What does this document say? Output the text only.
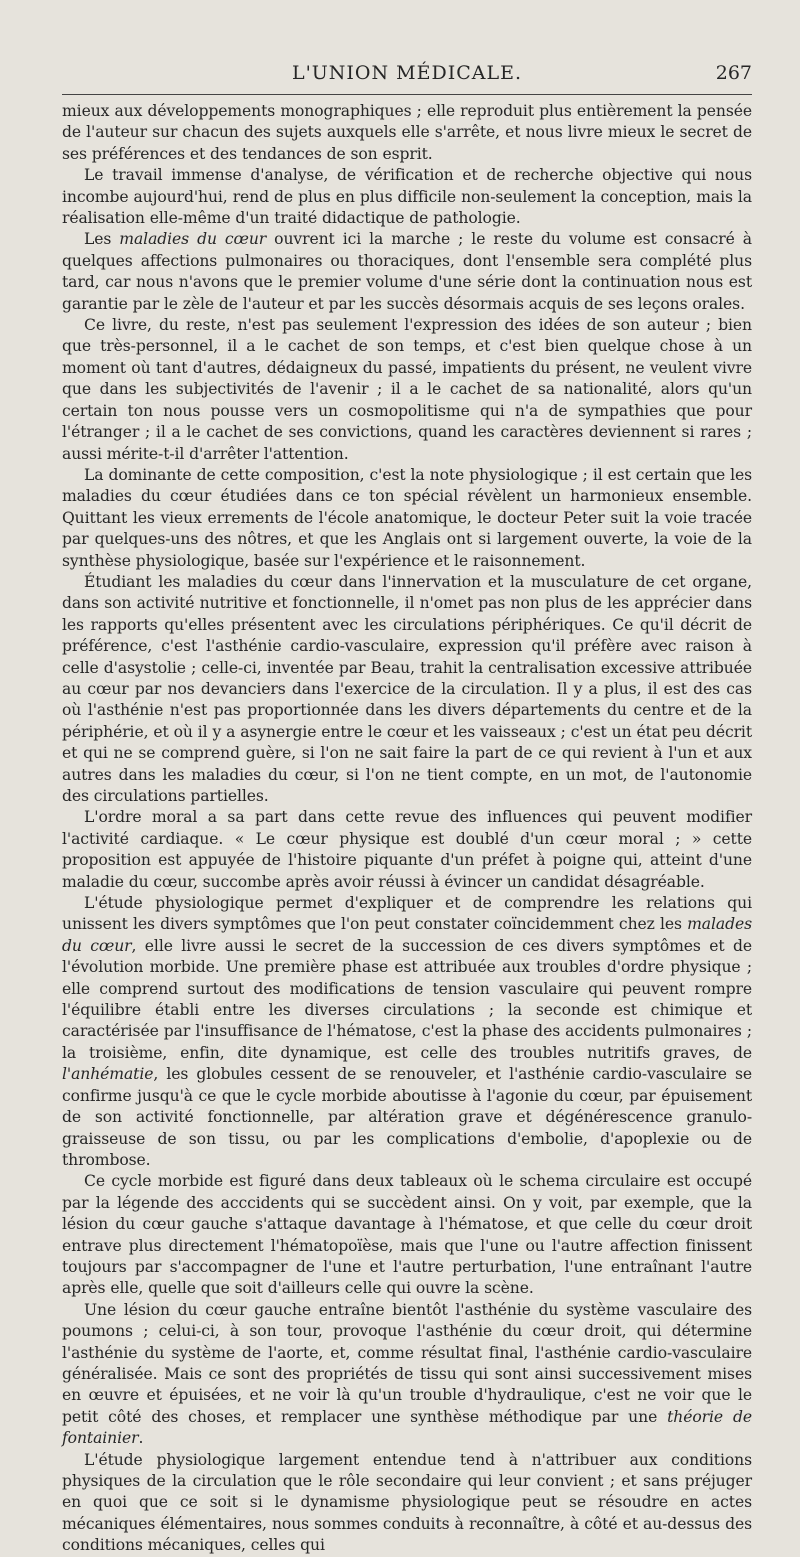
L'UNION MÉDICALE.	267

mieux aux développements monographiques ; elle reproduit plus entièrement la pensée de l'auteur sur chacun des sujets auxquels elle s'arrête, et nous livre mieux le secret de ses préférences et des tendances de son esprit.

Le travail immense d'analyse, de vérification et de recherche objective qui nous incombe aujourd'hui, rend de plus en plus difficile non-seulement la conception, mais la réalisation elle-même d'un traité didactique de pathologie.

Les maladies du cœur ouvrent ici la marche ; le reste du volume est consacré à quelques affections pulmonaires ou thoraciques, dont l'ensemble sera complété plus tard, car nous n'avons que le premier volume d'une série dont la continuation nous est garantie par le zèle de l'auteur et par les succès désormais acquis de ses leçons orales.

Ce livre, du reste, n'est pas seulement l'expression des idées de son auteur ; bien que très-personnel, il a le cachet de son temps, et c'est bien quelque chose à un moment où tant d'autres, dédaigneux du passé, impatients du présent, ne veulent vivre que dans les subjectivités de l'avenir ; il a le cachet de sa nationalité, alors qu'un certain ton nous pousse vers un cosmopolitisme qui n'a de sympathies que pour l'étranger ; il a le cachet de ses convictions, quand les caractères deviennent si rares ; aussi mérite-t-il d'arrêter l'attention.

La dominante de cette composition, c'est la note physiologique ; il est certain que les maladies du cœur étudiées dans ce ton spécial révèlent un harmonieux ensemble. Quittant les vieux errements de l'école anatomique, le docteur Peter suit la voie tracée par quelques-uns des nôtres, et que les Anglais ont si largement ouverte, la voie de la synthèse physiologique, basée sur l'expérience et le raisonnement.

Étudiant les maladies du cœur dans l'innervation et la musculature de cet organe, dans son activité nutritive et fonctionnelle, il n'omet pas non plus de les apprécier dans les rapports qu'elles présentent avec les circulations périphériques. Ce qu'il décrit de préférence, c'est l'asthénie cardio-vasculaire, expression qu'il préfère avec raison à celle d'asystolie ; celle-ci, inventée par Beau, trahit la centralisation excessive attribuée au cœur par nos devanciers dans l'exercice de la circulation. Il y a plus, il est des cas où l'asthénie n'est pas proportionnée dans les divers départements du centre et de la périphérie, et où il y a asynergie entre le cœur et les vaisseaux ; c'est un état peu décrit et qui ne se comprend guère, si l'on ne sait faire la part de ce qui revient à l'un et aux autres dans les maladies du cœur, si l'on ne tient compte, en un mot, de l'autonomie des circulations partielles.

L'ordre moral a sa part dans cette revue des influences qui peuvent modifier l'activité cardiaque. « Le cœur physique est doublé d'un cœur moral ; » cette proposition est appuyée de l'histoire piquante d'un préfet à poigne qui, atteint d'une maladie du cœur, succombe après avoir réussi à évincer un candidat désagréable.

L'étude physiologique permet d'expliquer et de comprendre les relations qui unissent les divers symptômes que l'on peut constater coïncidemment chez les malades du cœur, elle livre aussi le secret de la succession de ces divers symptômes et de l'évolution morbide. Une première phase est attribuée aux troubles d'ordre physique ; elle comprend surtout des modifications de tension vasculaire qui peuvent rompre l'équilibre établi entre les diverses circulations ; la seconde est chimique et caractérisée par l'insuffisance de l'hématose, c'est la phase des accidents pulmonaires ; la troisième, enfin, dite dynamique, est celle des troubles nutritifs graves, de l'anhématie, les globules cessent de se renouveler, et l'asthénie cardio-vasculaire se confirme jusqu'à ce que le cycle morbide aboutisse à l'agonie du cœur, par épuisement de son activité fonctionnelle, par altération grave et dégénérescence granulo-graisseuse de son tissu, ou par les complications d'embolie, d'apoplexie ou de thrombose.

Ce cycle morbide est figuré dans deux tableaux où le schema circulaire est occupé par la légende des acccidents qui se succèdent ainsi. On y voit, par exemple, que la lésion du cœur gauche s'attaque davantage à l'hématose, et que celle du cœur droit entrave plus directement l'hématopoïèse, mais que l'une ou l'autre affection finissent toujours par s'accompagner de l'une et l'autre perturbation, l'une entraînant l'autre après elle, quelle que soit d'ailleurs celle qui ouvre la scène.

Une lésion du cœur gauche entraîne bientôt l'asthénie du système vasculaire des poumons ; celui-ci, à son tour, provoque l'asthénie du cœur droit, qui détermine l'asthénie du système de l'aorte, et, comme résultat final, l'asthénie cardio-vasculaire généralisée. Mais ce sont des propriétés de tissu qui sont ainsi successivement mises en œuvre et épuisées, et ne voir là qu'un trouble d'hydraulique, c'est ne voir que le petit côté des choses, et remplacer une synthèse méthodique par une théorie de fontainier.

L'étude physiologique largement entendue tend à n'attribuer aux conditions physiques de la circulation que le rôle secondaire qui leur convient ; et sans préjuger en quoi que ce soit si le dynamisme physiologique peut se résoudre en actes mécaniques élémentaires, nous sommes conduits à reconnaître, à côté et au-dessus des conditions mécaniques, celles qui
